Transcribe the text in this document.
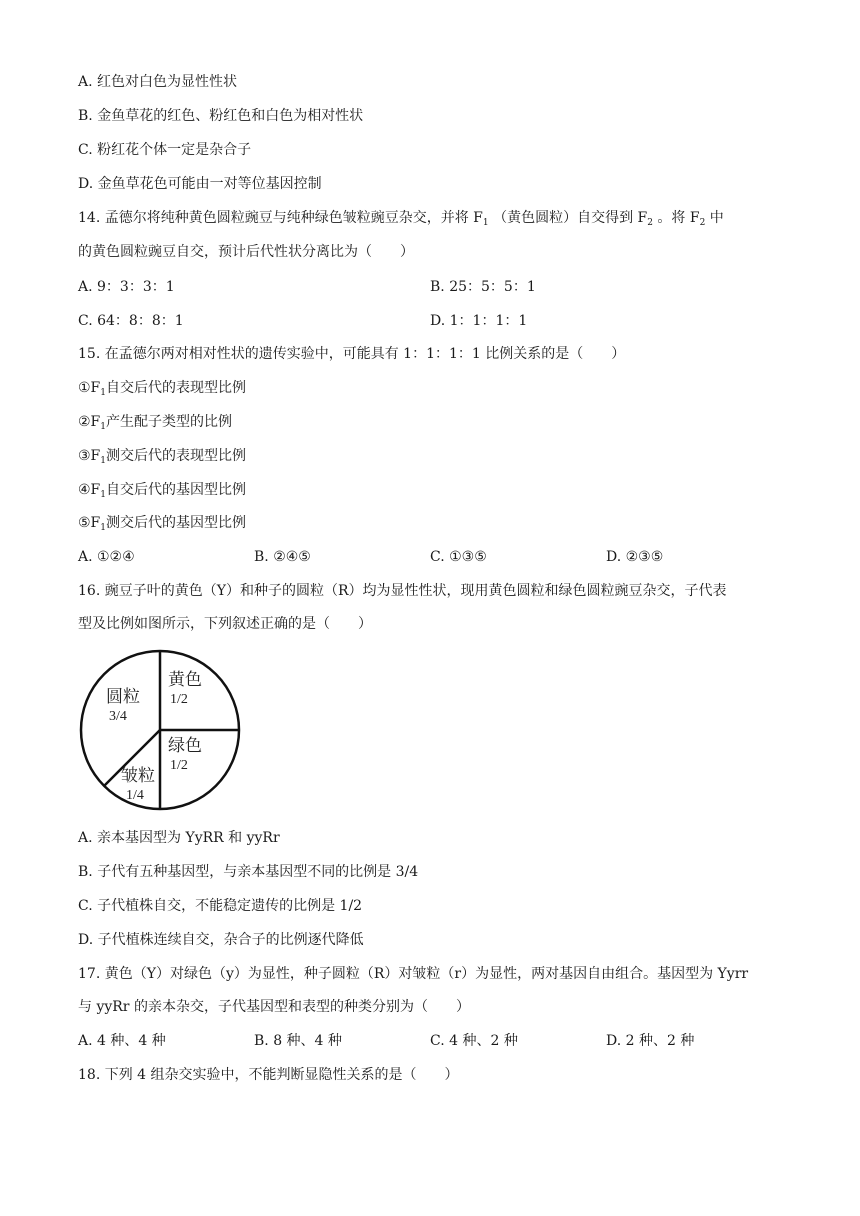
A. 红色对白色为显性性状
B. 金鱼草花的红色、粉红色和白色为相对性状
C. 粉红花个体一定是杂合子
D. 金鱼草花色可能由一对等位基因控制
14. 孟德尔将纯种黄色圆粒豌豆与纯种绿色皱粒豌豆杂交，并将 $F_1$ （黄色圆粒）自交得到 $F_2$ 。将 $F_2$ 中
的黄色圆粒豌豆自交，预计后代性状分离比为（　　）
A. 9：3：3：1	B. 25：5：5：1
C. 64：8：8：1	D. 1：1：1：1
15. 在孟德尔两对相对性状的遗传实验中，可能具有 1：1：1：1 比例关系的是（　　）
$①F_1$自交后代的表现型比例
$②F_1$产生配子类型的比例
$③F_1$测交后代的表现型比例
$④F_1$自交后代的基因型比例
$⑤F_1$测交后代的基因型比例
A. ①②④	B. ②④⑤	C. ①③⑤	D. ②③⑤
16. 豌豆子叶的黄色（Y）和种子的圆粒（R）均为显性性状，现用黄色圆粒和绿色圆粒豌豆杂交，子代表
型及比例如图所示，下列叙述正确的是（　　）
黄色
1/2
绿色
1/2
圆粒
3/4
皱粒
1/4
A. 亲本基因型为 YyRR 和 yyRr
B. 子代有五种基因型，与亲本基因型不同的比例是 3/4
C. 子代植株自交，不能稳定遗传的比例是 1/2
D. 子代植株连续自交，杂合子的比例逐代降低
17. 黄色（Y）对绿色（y）为显性，种子圆粒（R）对皱粒（r）为显性，两对基因自由组合。基因型为 Yyrr
与 yyRr 的亲本杂交，子代基因型和表型的种类分别为（　　）
A. 4 种、4 种	B. 8 种、4 种	C. 4 种、2 种	D. 2 种、2 种
18. 下列 4 组杂交实验中，不能判断显隐性关系的是（　　）
